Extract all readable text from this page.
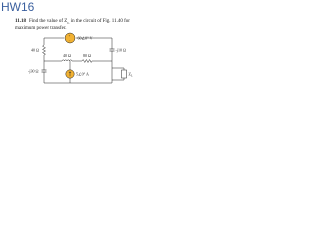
HW16
11.18 Find the value of $Z_L$ in the circuit of Fig. 11.40 for
maximum power transfer.
+
−
40 Ω
-j30 Ω
60∠0° V
-j10 Ω
40 Ω	80 Ω
5∠0° A	$Z_L$
